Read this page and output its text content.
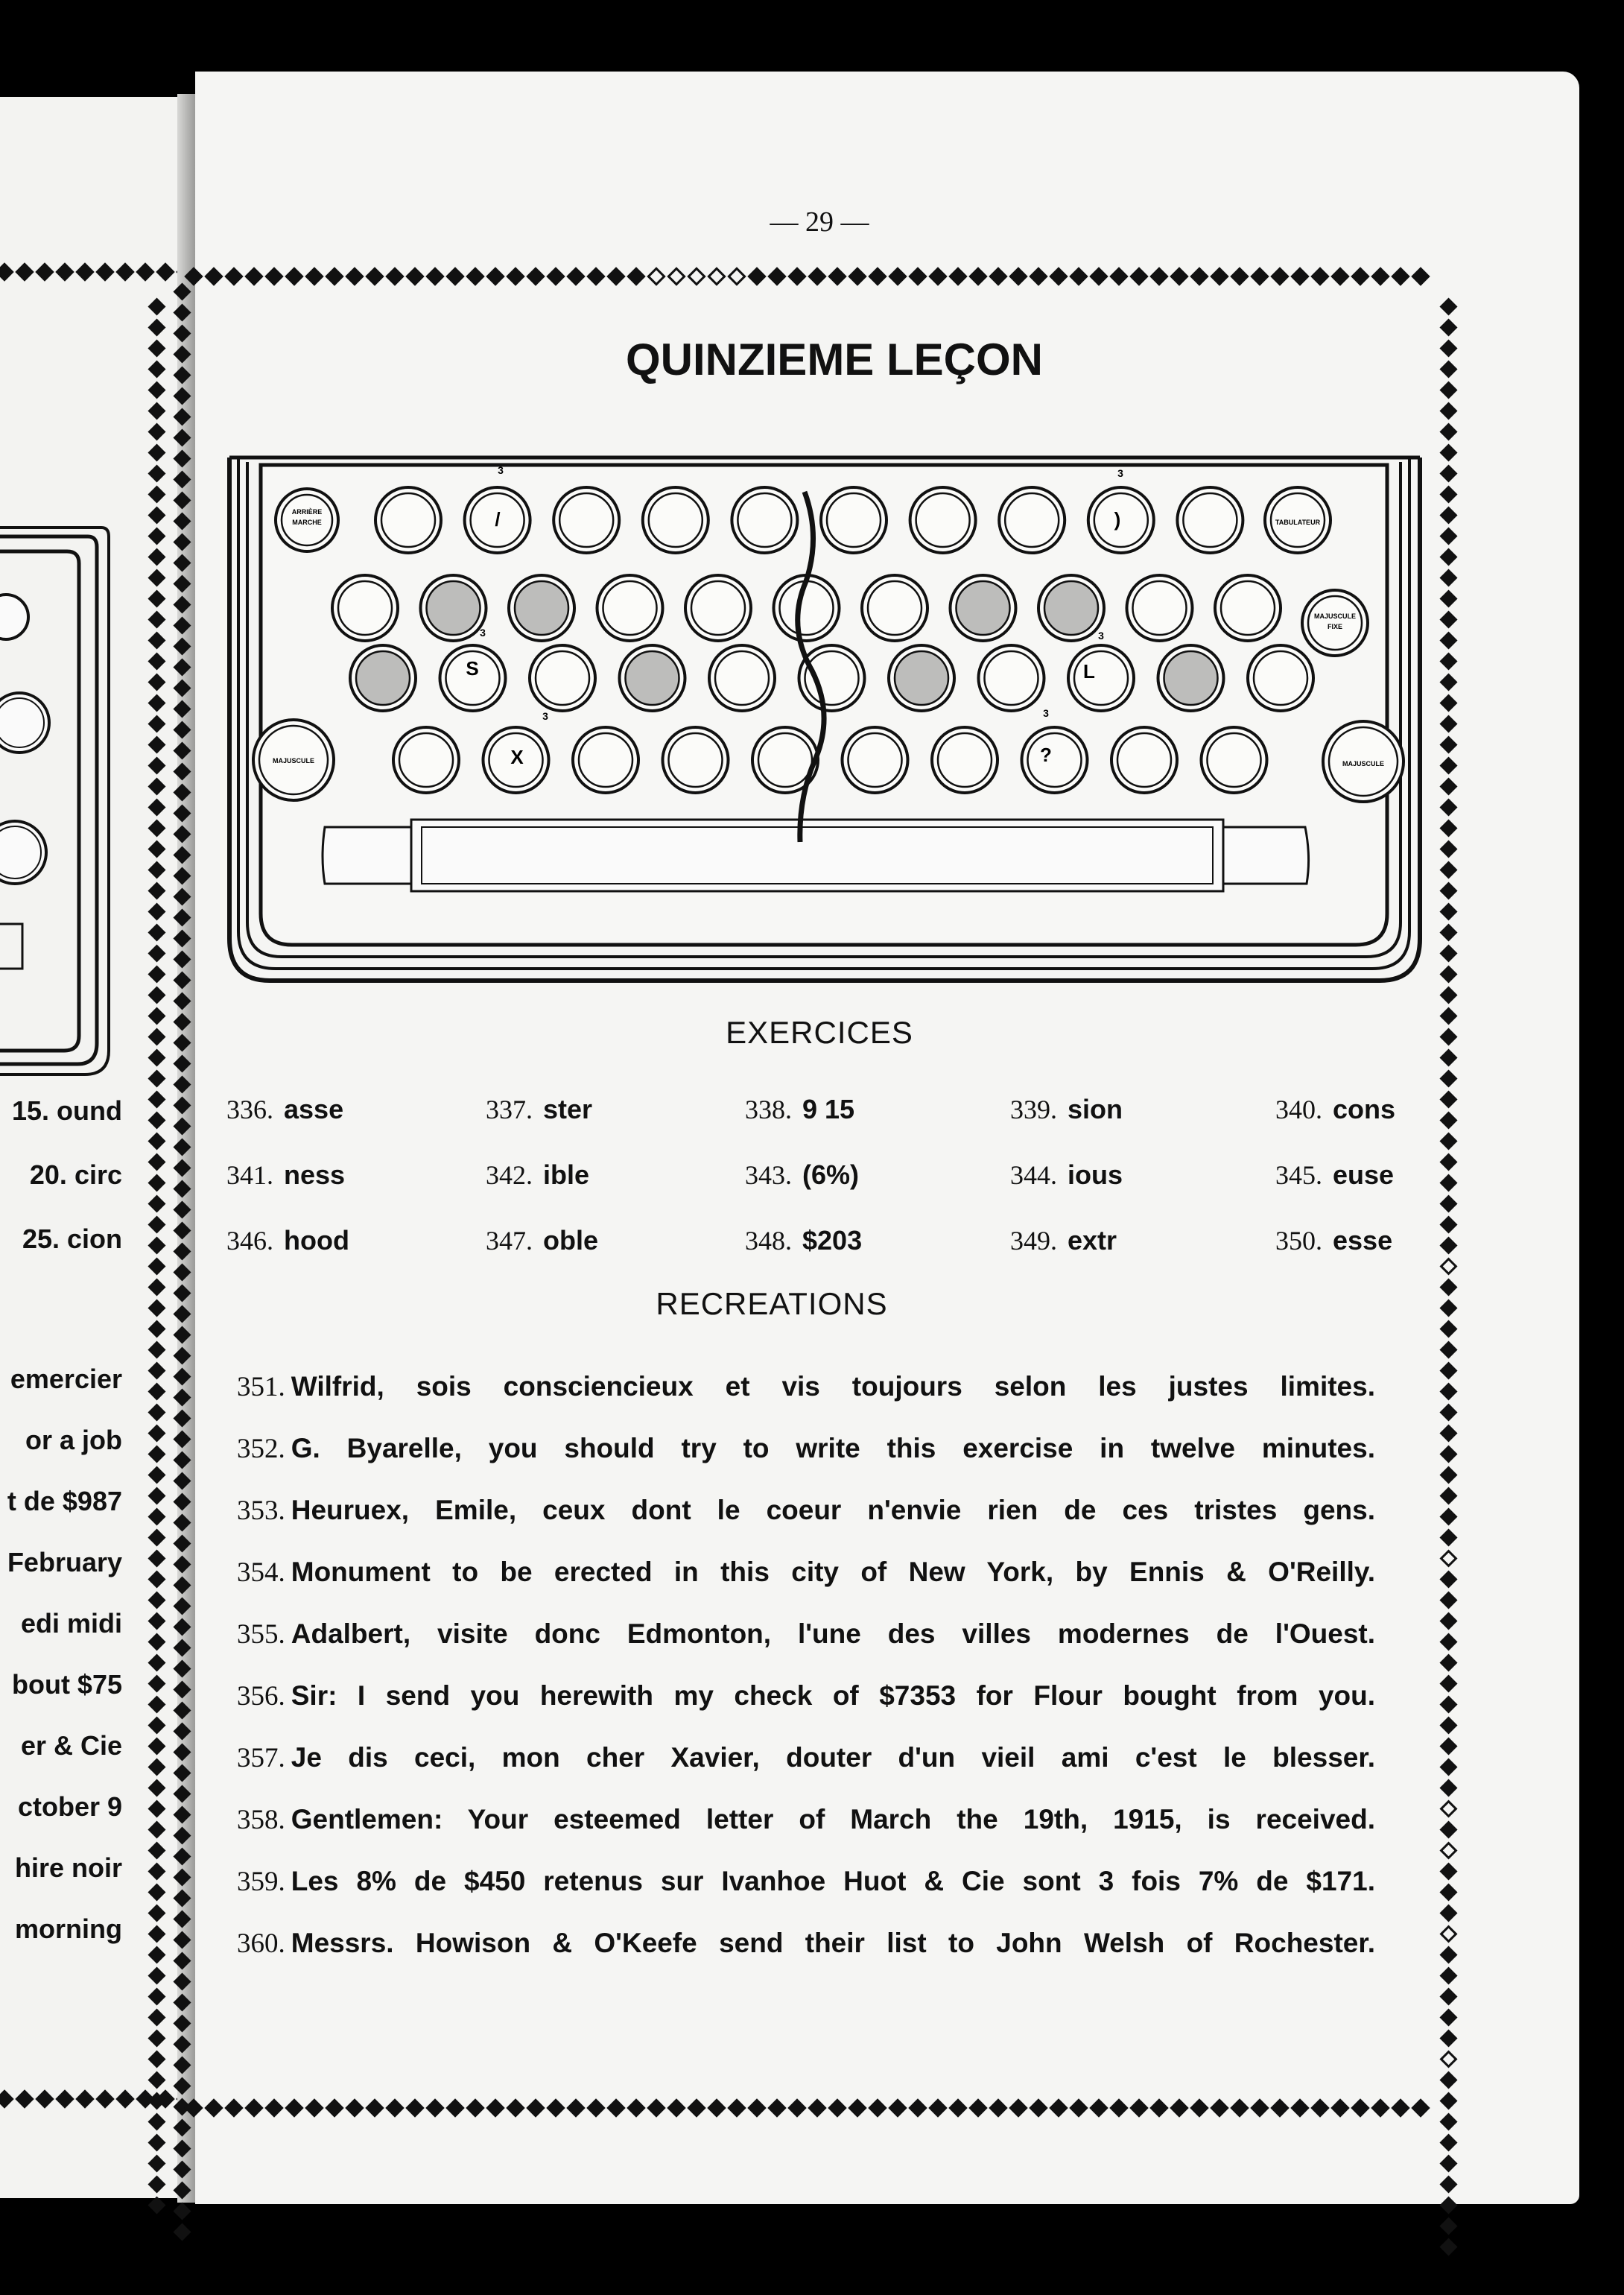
15. ound
20. circ
25. cion
emercier
or a job
t de $987
February
edi midi
bout $75
er & Cie
ctober 9
hire noir
morning
— 29 —
QUINZIEME LEÇON
ARRIÈRE
MARCHE	TABULATEUR
MAJUSCULE
FIXE
MAJUSCULE	MAJUSCULE
/	)
S	L
X	?
3	3
3	3
3	3
EXERCICES
336. asse	337. ster	338. 9 15	339. sion	340. cons
341. ness	342. ible	343. (6%)	344. ious	345. euse
346. hood	347. oble	348. $203	349. extr	350. esse
RECREATIONS
351. Wilfrid, sois consciencieux et vis toujours selon les justes limites.
352. G. Byarelle, you should try to write this exercise in twelve minutes.
353. Heuruex, Emile, ceux dont le coeur n'envie rien de ces tristes gens.
354. Monument to be erected in this city of New York, by Ennis & O'Reilly.
355. Adalbert, visite donc Edmonton, l'une des villes modernes de l'Ouest.
356. Sir: I send you herewith my check of $7353 for Flour bought from you.
357. Je dis ceci, mon cher Xavier, douter d'un vieil ami c'est le blesser.
358. Gentlemen: Your esteemed letter of March the 19th, 1915, is received.
359. Les 8% de $450 retenus sur Ivanhoe Huot & Cie sont 3 fois 7% de $171.
360. Messrs. Howison & O'Keefe send their list to John Welsh of Rochester.
